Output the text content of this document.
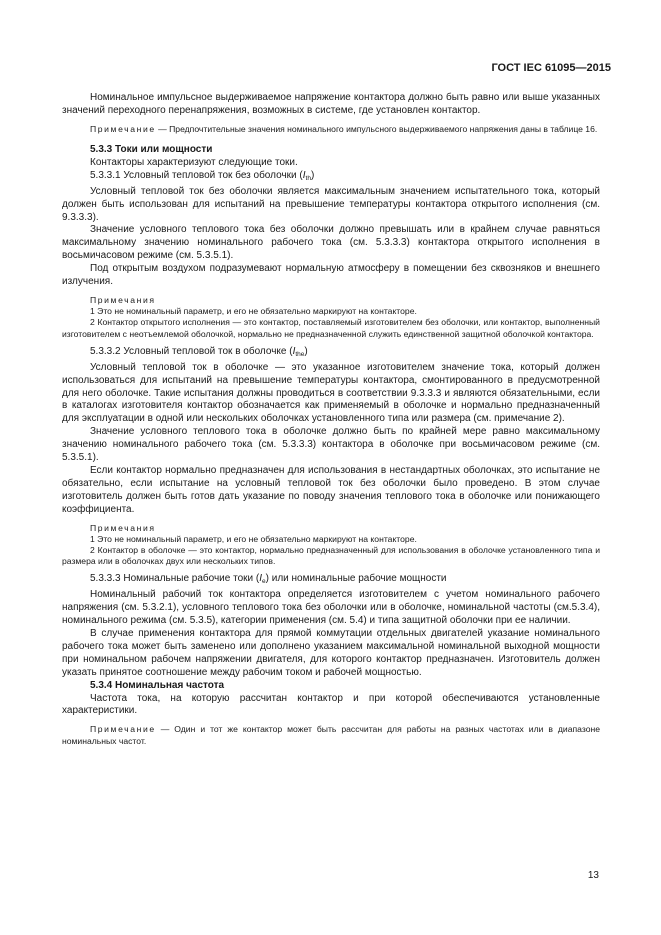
ГОСТ IEC 61095—2015

Номинальное импульсное выдерживаемое напряжение контактора должно быть равно или выше указанных значений переходного перенапряжения, возможных в системе, где установлен контактор.

Примечание — Предпочтительные значения номинального импульсного выдерживаемого напряжения даны в таблице 16.

5.3.3 Токи или мощности

Контакторы характеризуют следующие токи.

5.3.3.1 Условный тепловой ток без оболочки $(I_{th})$

Условный тепловой ток без оболочки является максимальным значением испытательного тока, который должен быть использован для испытаний на превышение температуры контактора открытого исполнения (см. 9.3.3.3).

Значение условного теплового тока без оболочки должно превышать или в крайнем случае равняться максимальному значению номинального рабочего тока (см. 5.3.3.3) контактора открытого исполнения в восьмичасовом режиме (см. 5.3.5.1).

Под открытым воздухом подразумевают нормальную атмосферу в помещении без сквозняков и внешнего излучения.

Примечания

1 Это не номинальный параметр, и его не обязательно маркируют на контакторе.

2 Контактор открытого исполнения — это контактор, поставляемый изготовителем без оболочки, или контактор, выполненный изготовителем с неотъемлемой оболочкой, нормально не предназначенной служить единственной защитной оболочкой контактора.

5.3.3.2 Условный тепловой ток в оболочке $(I_{the})$

Условный тепловой ток в оболочке — это указанное изготовителем значение тока, который должен использоваться для испытаний на превышение температуры контактора, смонтированного в предусмотренной для него оболочке. Такие испытания должны проводиться в соответствии 9.3.3.3 и являются обязательными, если в каталогах изготовителя контактор обозначается как применяемый в оболочке и нормально предназначенный для эксплуатации в одной или нескольких оболочках установленного типа или размера (см. примечание 2).

Значение условного теплового тока в оболочке должно быть по крайней мере равно максимальному значению номинального рабочего тока (см. 5.3.3.3) контактора в оболочке при восьмичасовом режиме (см. 5.3.5.1).

Если контактор нормально предназначен для использования в нестандартных оболочках, это испытание не обязательно, если испытание на условный тепловой ток без оболочки было проведено. В этом случае изготовитель должен быть готов дать указание по поводу значения теплового тока в оболочке или понижающего коэффициента.

Примечания

1 Это не номинальный параметр, и его не обязательно маркируют на контакторе.

2 Контактор в оболочке — это контактор, нормально предназначенный для использования в оболочке установленного типа и размера или в оболочках двух или нескольких типов.

5.3.3.3 Номинальные рабочие токи $(I_e)$ или номинальные рабочие мощности

Номинальный рабочий ток контактора определяется изготовителем с учетом номинального рабочего напряжения (см. 5.3.2.1), условного теплового тока без оболочки или в оболочке, номинальной частоты (см.5.3.4), номинального режима (см. 5.3.5), категории применения (см. 5.4) и типа защитной оболочки при ее наличии.

В случае применения контактора для прямой коммутации отдельных двигателей указание номинального рабочего тока может быть заменено или дополнено указанием максимальной номинальной выходной мощности при номинальном рабочем напряжении двигателя, для которого контактор предназначен. Изготовитель должен указать принятое соотношение между рабочим током и рабочей мощностью.

5.3.4 Номинальная частота

Частота тока, на которую рассчитан контактор и при которой обеспечиваются установленные характеристики.

Примечание — Один и тот же контактор может быть рассчитан для работы на разных частотах или в диапазоне номинальных частот.

13
